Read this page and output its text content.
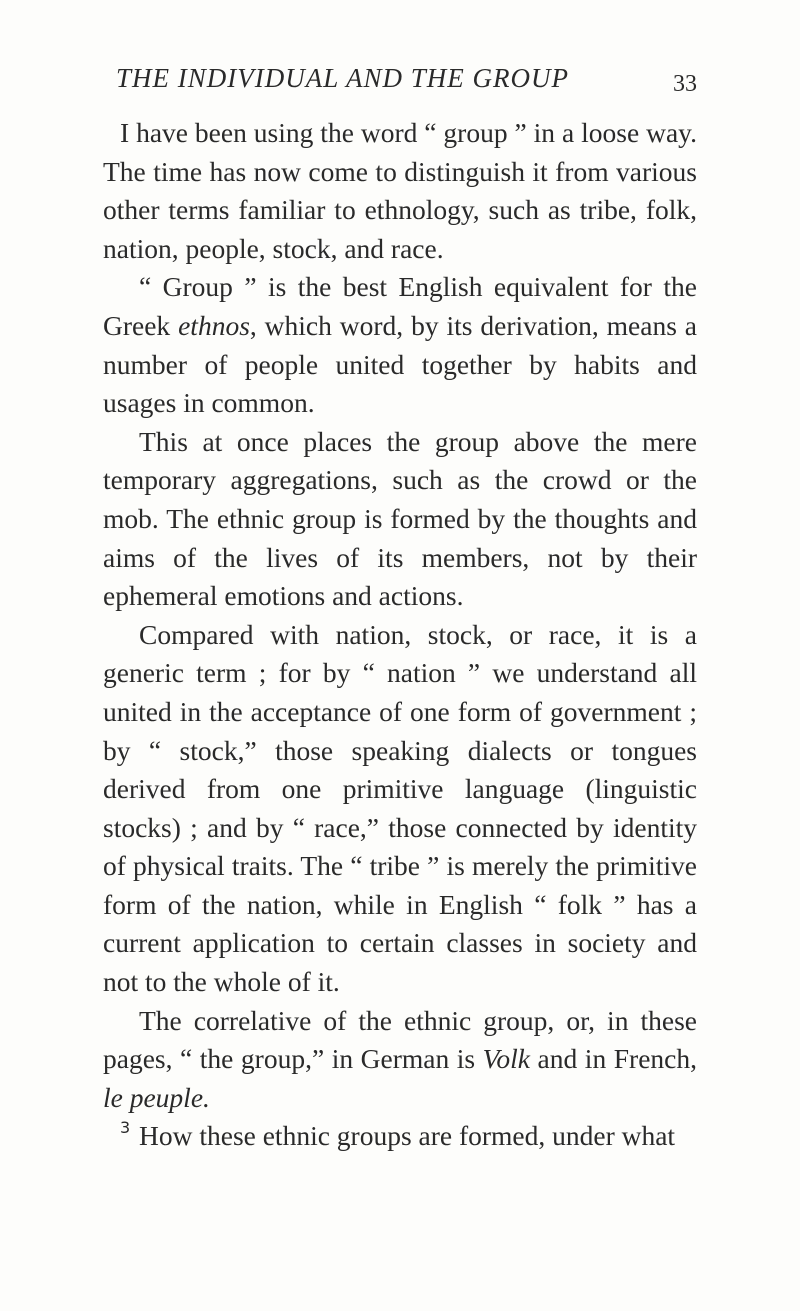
THE INDIVIDUAL AND THE GROUP	33

I have been using the word “ group ” in a loose way. The time has now come to distinguish it from various other terms familiar to ethnology, such as tribe, folk, nation, people, stock, and race.

“ Group ” is the best English equivalent for the Greek ethnos, which word, by its derivation, means a number of people united together by habits and usages in common.

This at once places the group above the mere temporary aggregations, such as the crowd or the mob. The ethnic group is formed by the thoughts and aims of the lives of its members, not by their ephemeral emotions and actions.

Compared with nation, stock, or race, it is a generic term ; for by “ nation ” we understand all united in the acceptance of one form of government ; by “ stock,” those speaking dialects or tongues derived from one primitive language (linguistic stocks) ; and by “ race,” those connected by identity of physical traits. The “ tribe ” is merely the primitive form of the nation, while in English “ folk ” has a current application to certain classes in society and not to the whole of it.

The correlative of the ethnic group, or, in these pages, “ the group,” in German is Volk and in French, le peuple.

How these ethnic groups are formed, under what

3
